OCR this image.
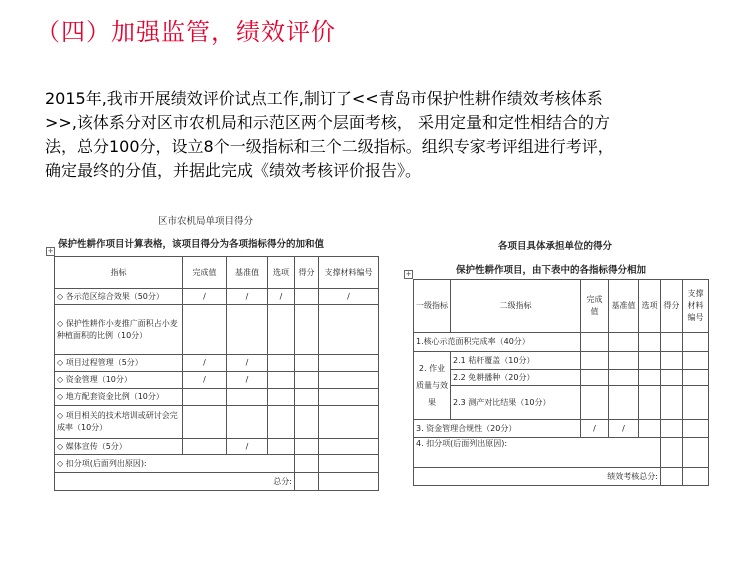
（四）加强监管，绩效评价
2015年,我市开展绩效评价试点工作,制订了<<青岛市保护性耕作绩效考核体系
>>,该体系分对区市农机局和示范区两个层面考核， 采用定量和定性相结合的方
法，总分100分，设立8个一级指标和三个二级指标。组织专家考评组进行考评，
确定最终的分值，并据此完成《绩效考核评价报告》。
区市农机局单项目得分
保护性耕作项目计算表格，该项目得分为各项指标得分的加和值
+
指标	完成值	基准值	选项	得分	支撑材料编号
◇ 各示范区综合效果（50分）	/	/	/		/
◇ 保护性耕作小麦推广面积占小麦种植面积的比例（10分）					
◇ 项目过程管理（5分）	/	/			
◇ 资金管理（10分）	/	/			
◇ 地方配套资金比例（10分）					
◇ 项目相关的技术培训或研讨会完成率（10分）					
◇ 媒体宣传（5分）		/			
◇ 扣分项(后面列出原因):					
总分:					
各项目具体承担单位的得分
保护性耕作项目，由下表中的各指标得分相加
+
一级指标	二级指标	完成值	基准值	选项	得分	支撑材料编号
1.核心示范面积完成率（40分）						
2. 作业质量与效果	2.1 秸秆覆盖（10分）					
	2.2 免耕播种（20分）					
	2.3 测产对比结果（10分）					
3. 资金管理合规性（20分）		/	/			
4. 扣分项(后面列出原因):						
绩效考核总分:						
